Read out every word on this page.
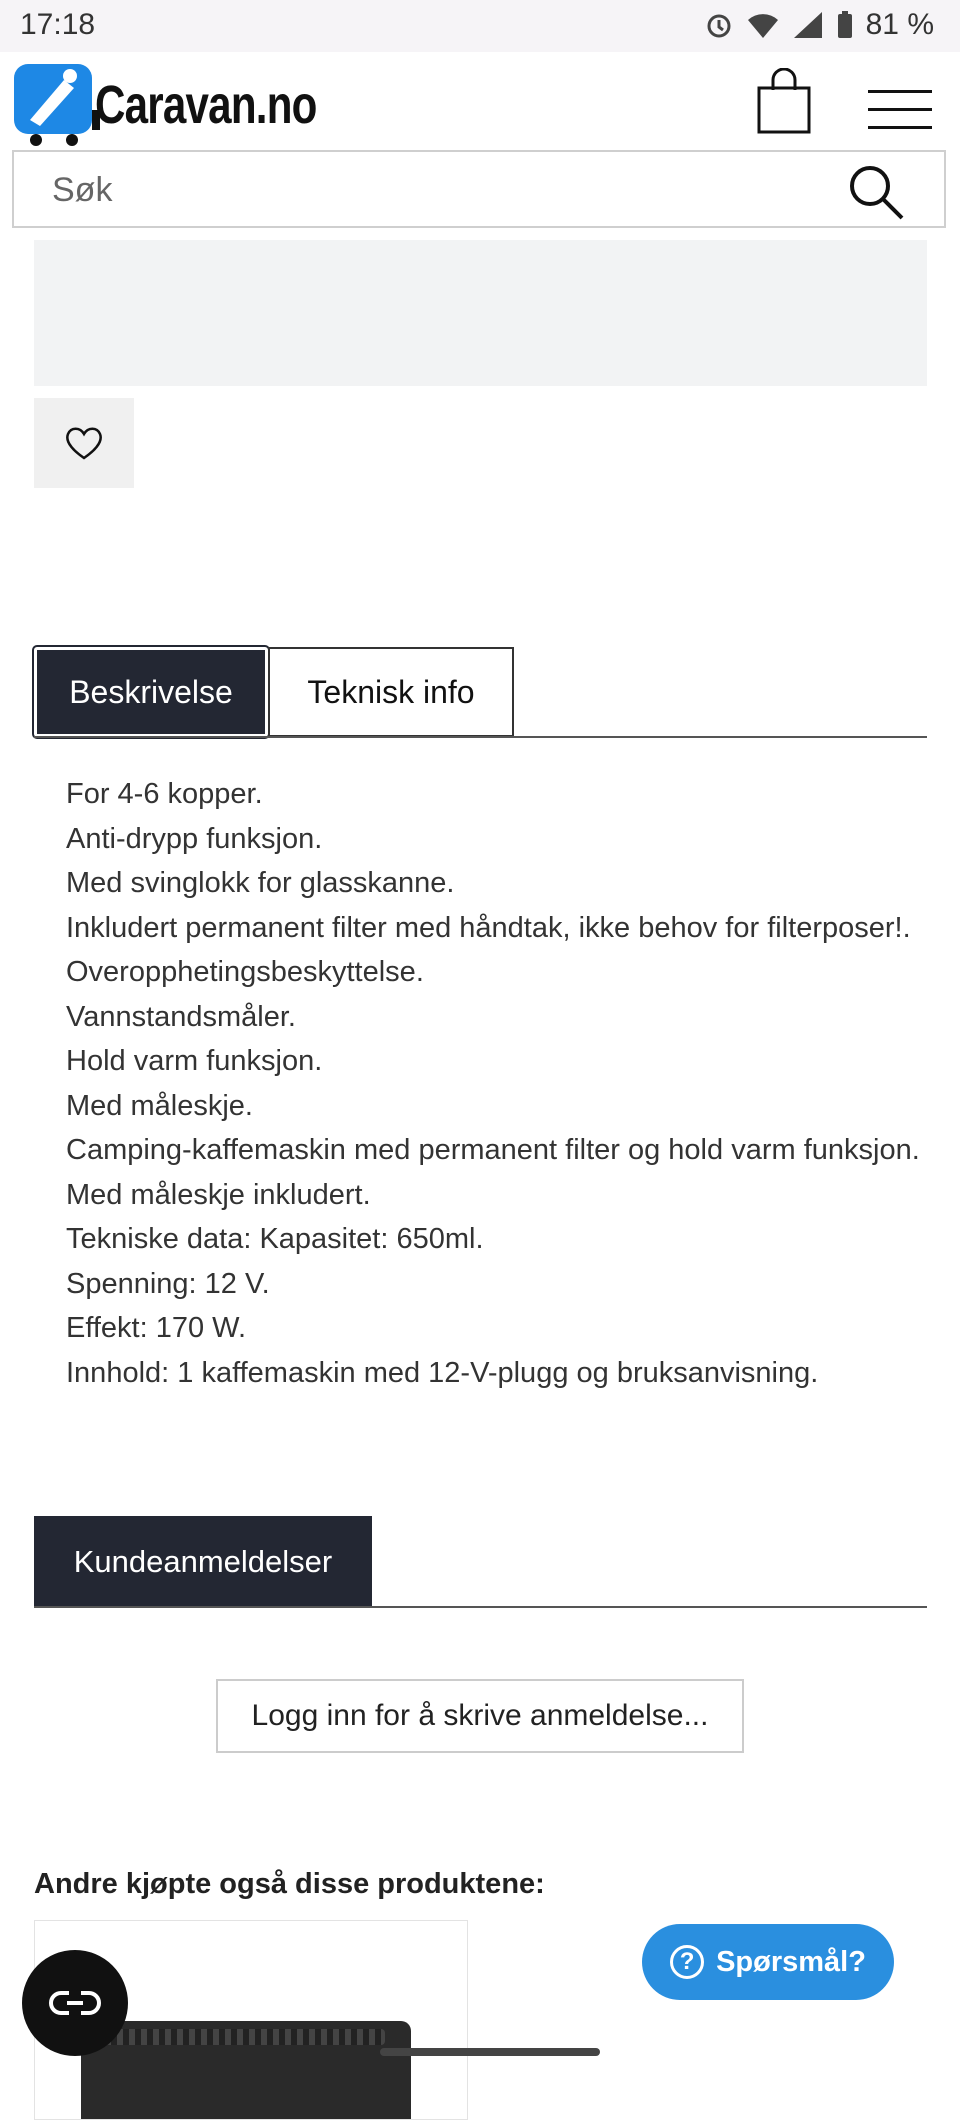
17:18	81 %
Caravan.no
Søk
Beskrivelse	Teknisk info
For 4-6 kopper.
Anti-drypp funksjon.
Med svinglokk for glasskanne.
Inkludert permanent filter med håndtak, ikke behov for filterposer!.
Overopphetingsbeskyttelse.
Vannstandsmåler.
Hold varm funksjon.
Med måleskje.
Camping-kaffemaskin med permanent filter og hold varm funksjon.
Med måleskje inkludert.
Tekniske data: Kapasitet: 650ml.
Spenning: 12 V.
Effekt: 170 W.
Innhold: 1 kaffemaskin med 12-V-plugg og bruksanvisning.
Kundeanmeldelser
Logg inn for å skrive anmeldelse...
Andre kjøpte også disse produktene:
? Spørsmål?
